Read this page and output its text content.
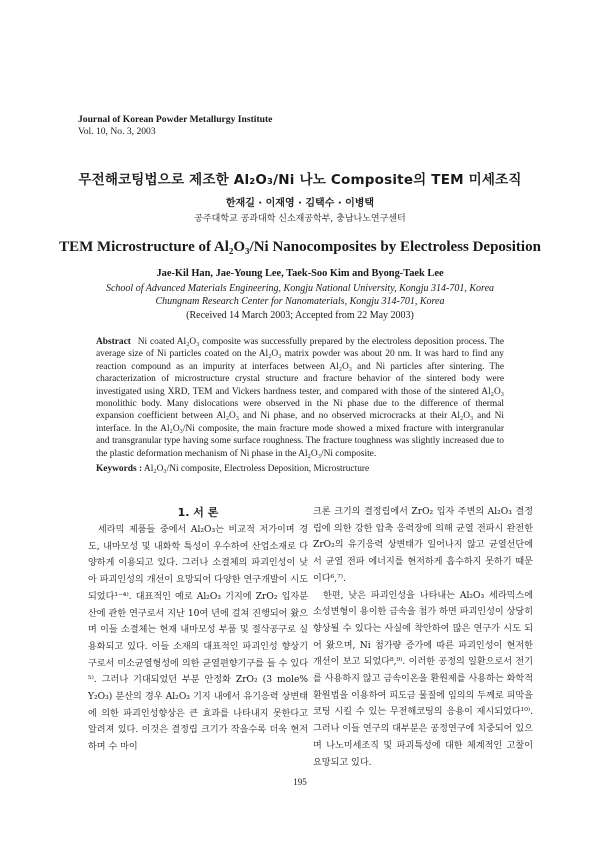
Journal of Korean Powder Metallurgy Institute
Vol. 10, No. 3, 2003
무전해코팅법으로 제조한 Al₂O₃/Ni 나노 Composite의 TEM 미세조직
한재길 · 이재영 · 김택수 · 이병택
공주대학교 공과대학 신소재공학부, 충남나노연구센터
TEM Microstructure of Al₂O₃/Ni Nanocomposites by Electroless Deposition
Jae-Kil Han, Jae-Young Lee, Taek-Soo Kim and Byong-Taek Lee
School of Advanced Materials Engineering, Kongju National University, Kongju 314-701, Korea
Chungnam Research Center for Nanomaterials, Kongju 314-701, Korea
(Received 14 March 2003; Accepted from 22 May 2003)
Abstract Ni coated Al₂O₃ composite was successfully prepared by the electroless deposition process. The average size of Ni particles coated on the Al₂O₃ matrix powder was about 20 nm. It was hard to find any reaction compound as an impurity at interfaces between Al₂O₃ and Ni particles after sintering. The characterization of microstructure crystal structure and fracture behavior of the sintered body were investigated using XRD, TEM and Vickers hardness tester, and compared with those of the sintered Al₂O₃ monolithic body. Many dislocations were observed in the Ni phase due to the difference of thermal expansion coefficient between Al₂O₃ and Ni phase, and no observed microcracks at their Al₂O₃ and Ni interface. In the Al₂O₃/Ni composite, the main fracture mode showed a mixed fracture with intergranular and transgranular type having some surface roughness. The fracture toughness was slightly increased due to the plastic deformation mechanism of Ni phase in the Al₂O₃/Ni composite.
Keywords : Al₂O₃/Ni composite, Electroless Deposition, Microstructure
1. 서 론

세라믹 제품들 중에서 Al₂O₃는 비교적 저가이며 경도, 내마모성 및 내화학 특성이 우수하여 산업소재로 다양하게 이용되고 있다. 그러나 소결체의 파괴인성이 낮아 파괴인성의 개선이 요망되어 다양한 연구개발이 시도되었다¹⁻⁴⁾. 대표적인 예로 Al₂O₃ 기지에 ZrO₂ 입자분산에 관한 연구로서 지난 10여 년에 걸쳐 진행되어 왔으며 이들 소결체는 현재 내마모성 부품 및 절삭공구로 실용화되고 있다. 이들 소재의 대표적인 파괴인성 향상기구로서 미소균열형성에 의한 균열편향기구를 들 수 있다⁵⁾. 그러나 기대되었던 부분 안정화 ZrO₂ (3 mole% Y₂O₃) 분산의 경우 Al₂O₃ 기지 내에서 유기응력 상변태에 의한 파괴인성향상은 큰 효과를 나타내지 못한다고 알려져 있다. 이것은 결정립 크기가 작을수록 더욱 현저하며 수 마이

크론 크기의 결정립에서 ZrO₂ 입자 주변의 Al₂O₃ 결정립에 의한 강한 압축 응력장에 의해 균열 전파시 완전한 ZrO₂의 유기응력 상변태가 일어나지 않고 균열선단에서 균열 전파 에너지를 현저하게 흡수하지 못하기 때문이다⁶,⁷⁾.

한편, 낮은 파괴인성을 나타내는 Al₂O₃ 세라믹스에 소성변형이 용이한 금속을 첨가 하면 파괴인성이 상당히 향상될 수 있다는 사실에 착안하여 많은 연구가 시도 되어 왔으며, Ni 첨가량 증가에 따른 파괴인성이 현저한 개선이 보고 되었다⁸,⁹⁾. 이러한 공정의 일환으로서 전기를 사용하지 않고 금속이온을 환원제를 사용하는 화학적 환원법을 이용하여 피도금 물질에 임의의 두께로 피막을 코팅 시킬 수 있는 무전해코팅의 응용이 제시되었다¹⁰⁾. 그러나 이들 연구의 대부분은 공정연구에 치중되어 있으며 나노미세조직 및 파괴특성에 대한 체계적인 고찰이 요망되고 있다.

195
